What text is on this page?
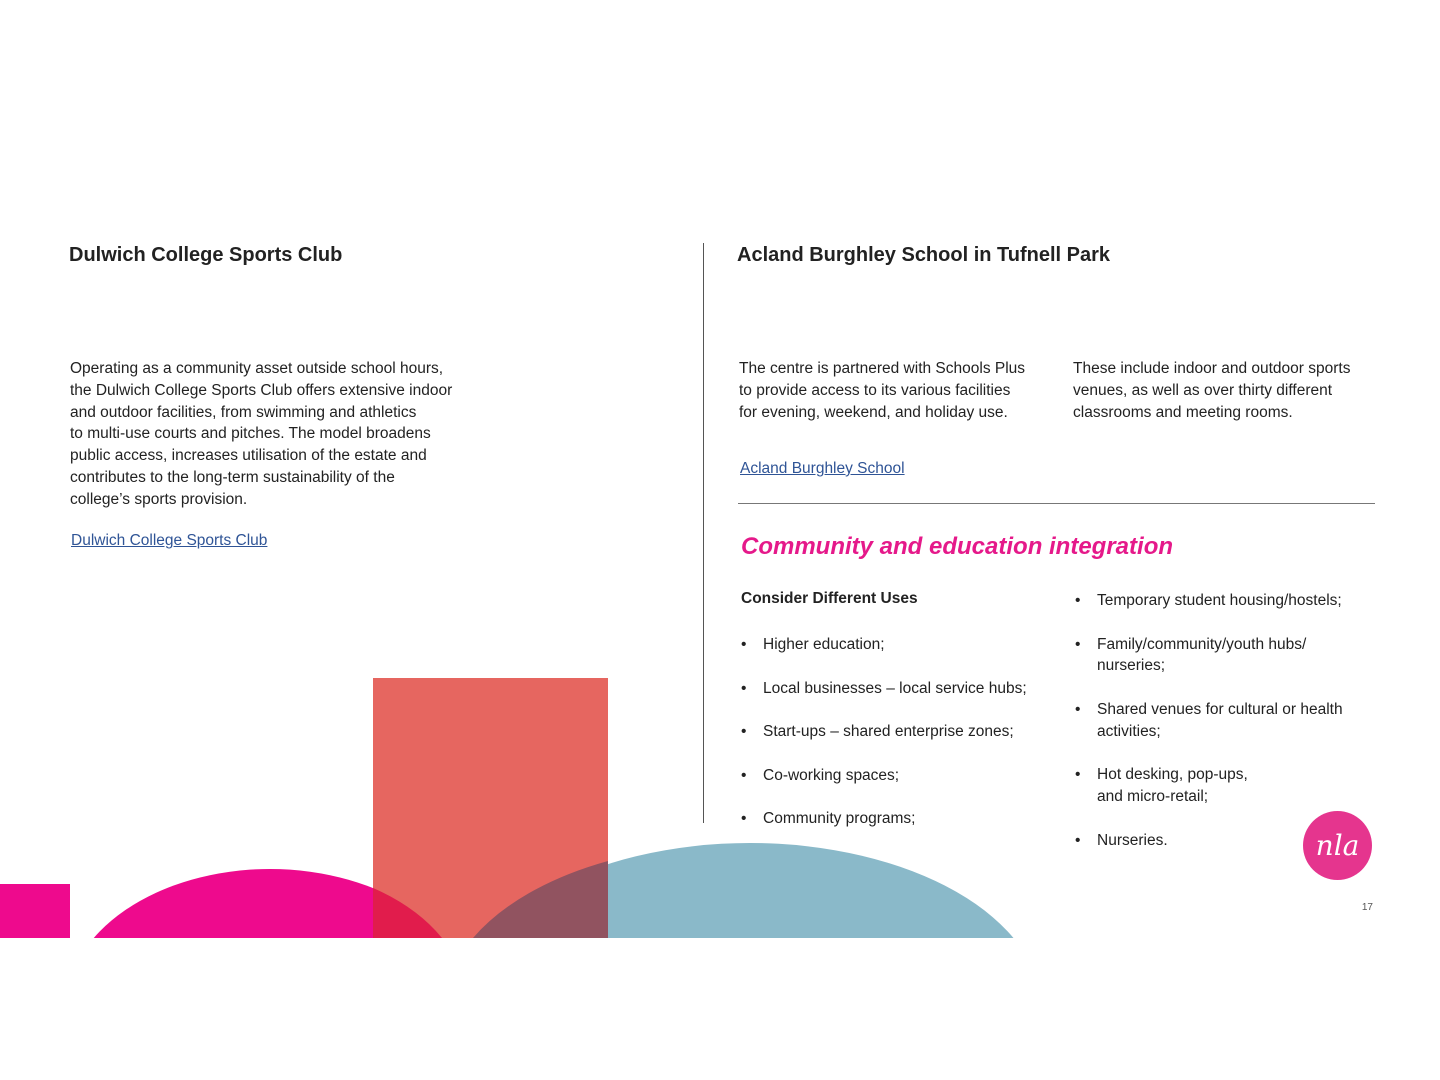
Dulwich College Sports Club

Operating as a community asset outside school hours,

the Dulwich College Sports Club offers extensive indoor

and outdoor facilities, from swimming and athletics

to multi-use courts and pitches. The model broadens

public access, increases utilisation of the estate and

contributes to the long-term sustainability of the

college’s sports provision.

Dulwich College Sports Club
Acland Burghley School in Tufnell Park

The centre is partnered with Schools Plus

to provide access to its various facilities

for evening, weekend, and holiday use.

These include indoor and outdoor sports

venues, as well as over thirty different

classrooms and meeting rooms.

Acland Burghley School
Community and education integration

Consider Different Uses

• Higher education;
• Local businesses – local service hubs;
• Start-ups – shared enterprise zones;
• Co-working spaces;
• Community programs;
• Temporary student housing/hostels;
• Family/community/youth hubs/
nurseries;
• Shared venues for cultural or health
activities;
• Hot desking, pop-ups,
and micro-retail;
• Nurseries.	nla
17
